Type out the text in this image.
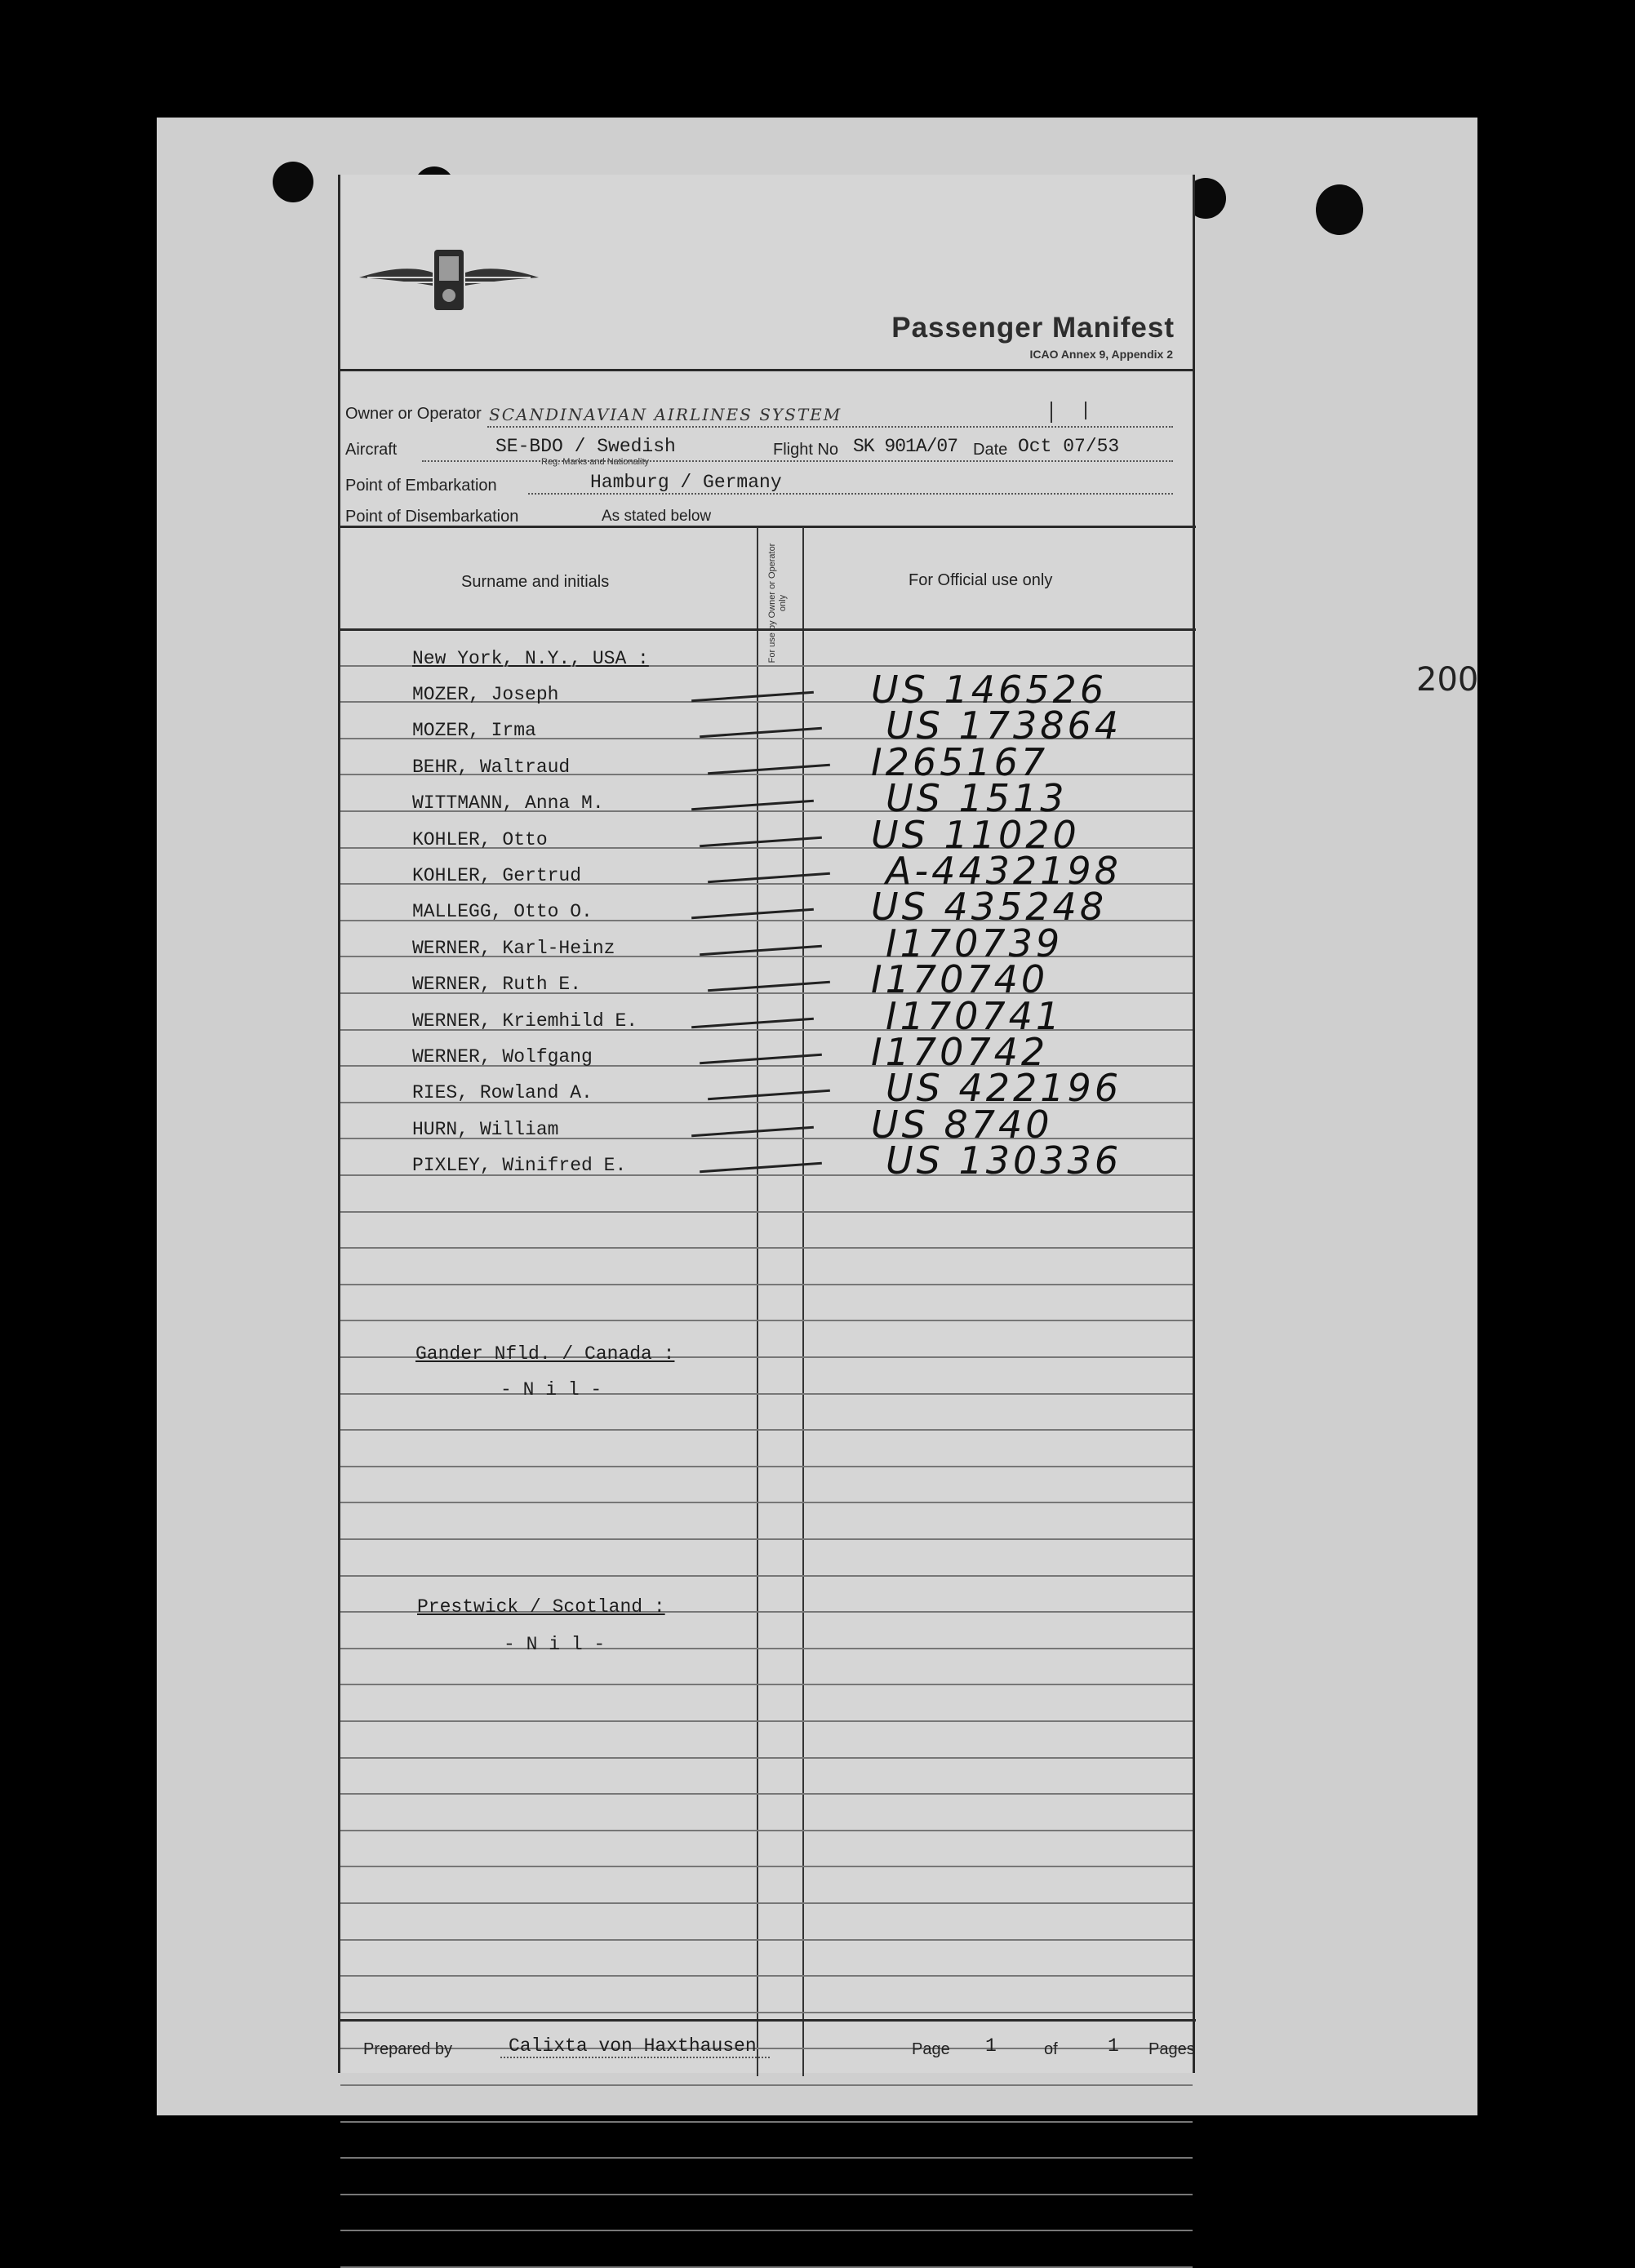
Passenger Manifest
ICAO Annex 9, Appendix 2
Owner or Operator SCANDINAVIAN AIRLINES SYSTEM
Aircraft	SE-BDO / Swedish
Reg. Marks and Nationality
Flight No SK 901A/07 Date Oct 07/53
Point of Embarkation	Hamburg / Germany
Point of Disembarkation	As stated below
Surname and initials	For use by Owner or Operator only
For Official use only
New York, N.Y., USA :
MOZER, Joseph	US 146526
MOZER, Irma	US 173864
BEHR, Waltraud	I265167
WITTMANN, Anna M.	US 1513
KOHLER, Otto	US 11020
KOHLER, Gertrud	A-4432198
MALLEGG, Otto O.	US 435248
WERNER, Karl-Heinz	I170739
WERNER, Ruth E.	I170740
WERNER, Kriemhild E.	I170741
WERNER, Wolfgang	I170742
RIES, Rowland A.	US 422196
HURN, William	US 8740
PIXLEY, Winifred E.	US 130336
200
Gander Nfld. / Canada :
- N i l -
Prestwick / Scotland :
- N i l -
Prepared by	Calixta von Haxthausen	Page 1	of	1 Pages
